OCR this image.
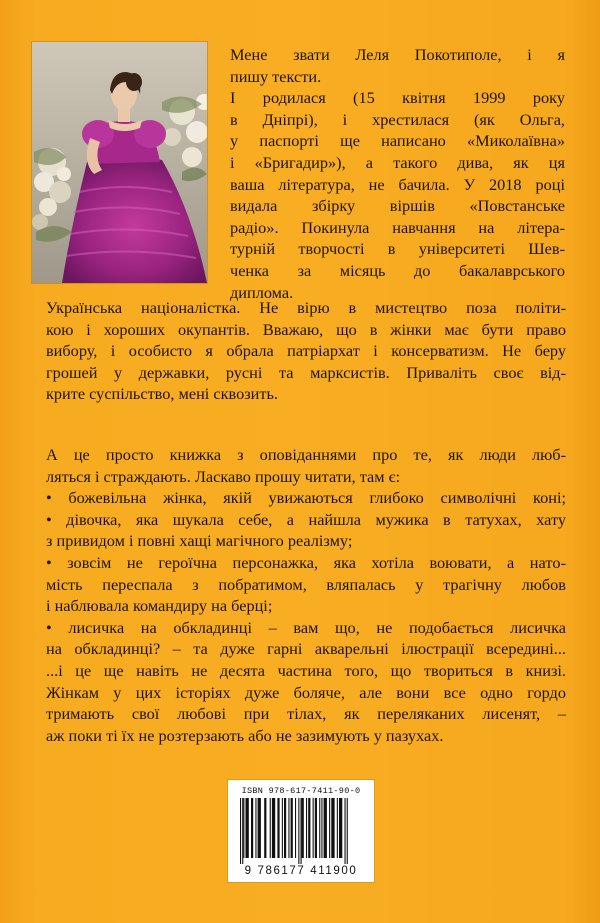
Мене звати Леля Покотиполе, і я
пишу тексти.
І родилася (15 квітня 1999 року
в Дніпрі), і хрестилася (як Ольга,
у паспорті ще написано «Миколаївна»
і «Бригадир»), а такого дива, як ця
ваша література, не бачила. У 2018 році
видала збірку віршів «Повстанське
радіо». Покинула навчання на літера-
турній творчості в університеті Шев-
ченка за місяць до бакалаврського
диплома.

Українська націоналістка. Не вірю в мистецтво поза політи-
кою і хороших окупантів. Вважаю, що в жінки має бути право
вибору, і особисто я обрала патріархат і консерватизм. Не беру
грошей у державки, руснi та марксистів. Привалiть своє вiд-
крите суспiльство, менi сквозить.

А це просто книжка з оповіданнями про те, як люди люб-
ляться і страждають. Ласкаво прошу читати, там є:
• божевільна жінка, якій увижаються глибоко символічні коні;
• дівочка, яка шукала себе, а найшла мужика в татухах, хату
з привидом і повні хащі магічного реалізму;
• зовсім не героїчна персонажка, яка хотіла воювати, а натo-
мість переспала з побратимом, вляпалась у трагічну любов
і наблювала командиру на берці;
• лисичка на обкладинці – вам що, не подобається лисичка
на обкладинці? – та дуже гарні акварельні ілюстрації всередині...
...і це ще навіть не десята частина того, що твориться в книзі.
Жінкам у цих історіях дуже боляче, але вони все одно гордо
тримають свої любові при тілах, як переляканих лисенят, –
аж поки ті їх не розтерзають або не зазимують у пазухах.

ISBN 978-617-7411-90-0
9 786177 411900
